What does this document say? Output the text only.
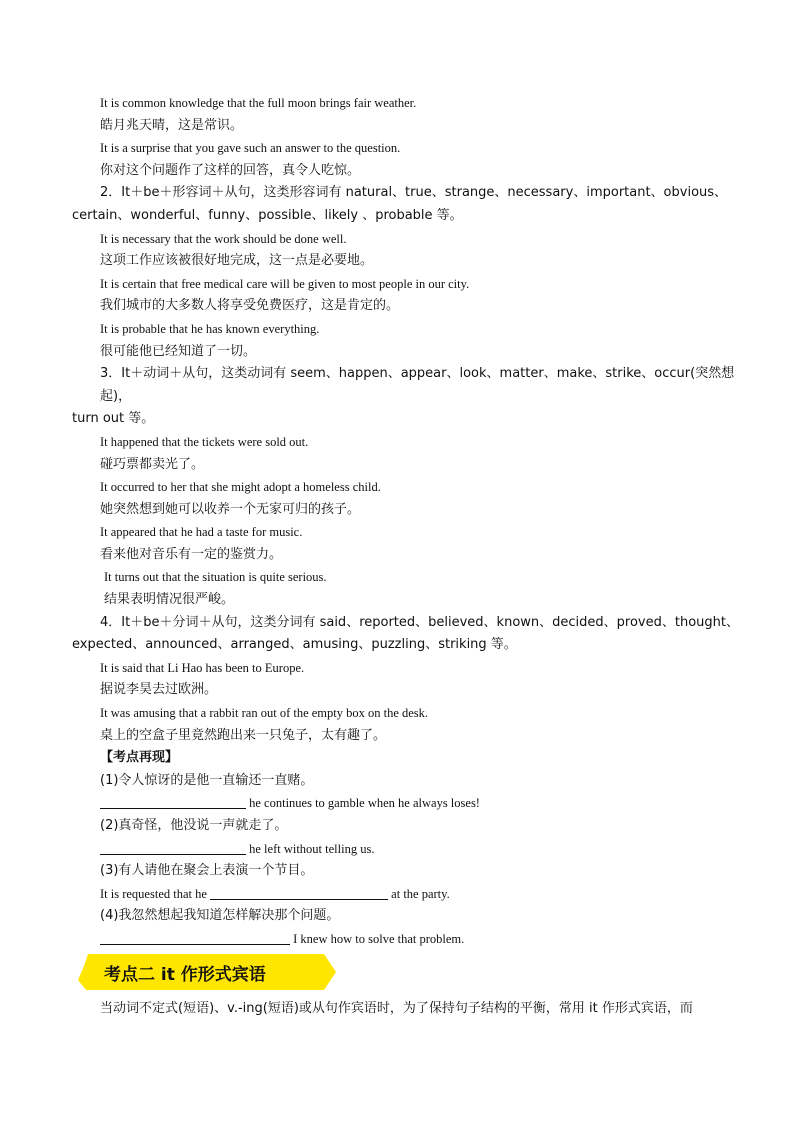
It is common knowledge that the full moon brings fair weather.
皓月兆天晴，这是常识。
It is a surprise that you gave such an answer to the question.
你对这个问题作了这样的回答，真令人吃惊。
2．It＋be＋形容词＋从句，这类形容词有 natural、true、strange、necessary、important、obvious、
certain、wonderful、funny、possible、likely 、probable 等。
It is necessary that the work should be done well.
这项工作应该被很好地完成，这一点是必要地。
It is certain that free medical care will be given to most people in our city.
我们城市的大多数人将享受免费医疗，这是肯定的。
It is probable that he has known everything.
很可能他已经知道了一切。
3．It＋动词＋从句，这类动词有 seem、happen、appear、look、matter、make、strike、occur(突然想起)，
turn out 等。
It happened that the tickets were sold out.
碰巧票都卖光了。
It occurred to her that she might adopt a homeless child.
她突然想到她可以收养一个无家可归的孩子。
It appeared that he had a taste for music.
看来他对音乐有一定的鉴赏力。
It turns out that the situation is quite serious.
结果表明情况很严峻。
4．It＋be＋分词＋从句，这类分词有 said、reported、believed、known、decided、proved、thought、
expected、announced、arranged、amusing、puzzling、striking 等。
It is said that Li Hao has been to Europe.
据说李昊去过欧洲。
It was amusing that a rabbit ran out of the empty box on the desk.
桌上的空盒子里竟然跑出来一只兔子，太有趣了。
【考点再现】
(1)令人惊讶的是他一直输还一直赌。
he continues to gamble when he always loses!
(2)真奇怪，他没说一声就走了。
he left without telling us.
(3)有人请他在聚会上表演一个节目。
It is requested that he	at the party.
(4)我忽然想起我知道怎样解决那个问题。
I knew how to solve that problem.
考点二 it 作形式宾语
当动词不定式(短语)、v.-ing(短语)或从句作宾语时，为了保持句子结构的平衡，常用 it 作形式宾语，而
